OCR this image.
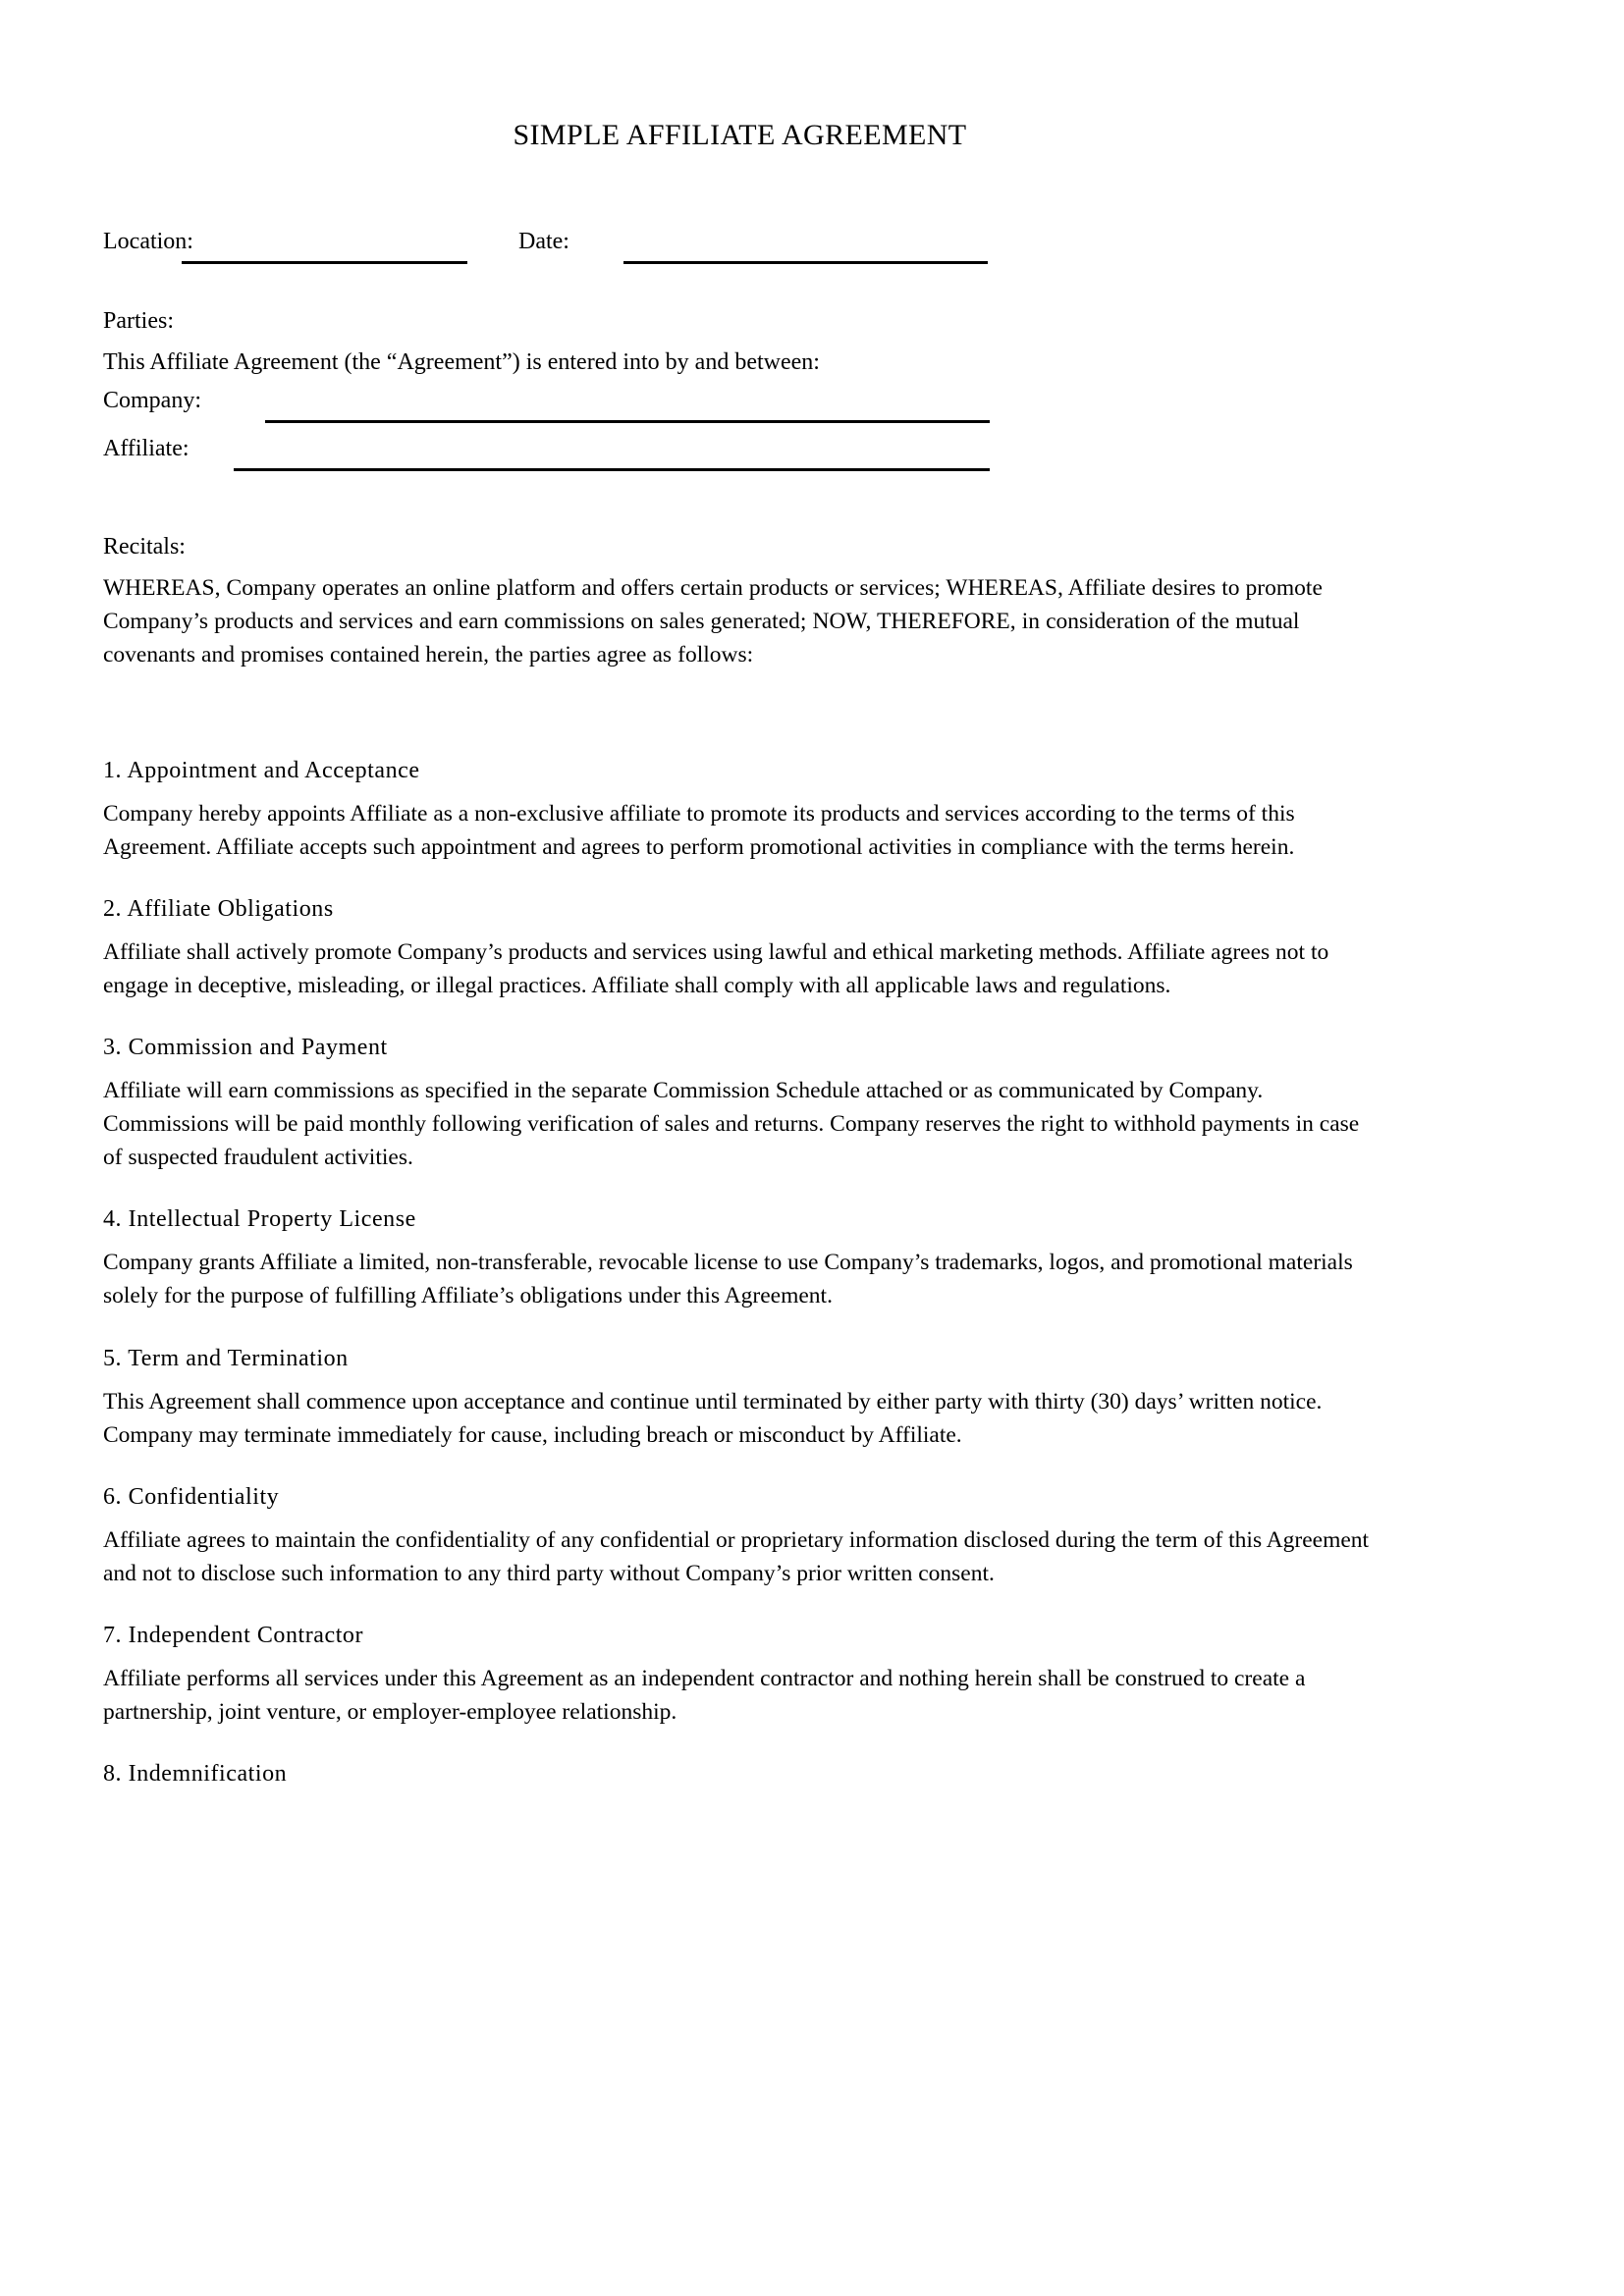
SIMPLE AFFILIATE AGREEMENT
Location:	Date:

Parties:

This Affiliate Agreement (the “Agreement”) is entered into by and between:

Company:
Affiliate:

Recitals:

WHEREAS, Company operates an online platform and offers certain products or services; WHEREAS, Affiliate desires to promote Company’s products and services and earn commissions on sales generated; NOW, THEREFORE, in consideration of the mutual covenants and promises contained herein, the parties agree as follows:

1. Appointment and Acceptance

Company hereby appoints Affiliate as a non-exclusive affiliate to promote its products and services according to the terms of this Agreement. Affiliate accepts such appointment and agrees to perform promotional activities in compliance with the terms herein.

2. Affiliate Obligations

Affiliate shall actively promote Company’s products and services using lawful and ethical marketing methods. Affiliate agrees not to engage in deceptive, misleading, or illegal practices. Affiliate shall comply with all applicable laws and regulations.

3. Commission and Payment

Affiliate will earn commissions as specified in the separate Commission Schedule attached or as communicated by Company. Commissions will be paid monthly following verification of sales and returns. Company reserves the right to withhold payments in case of suspected fraudulent activities.

4. Intellectual Property License

Company grants Affiliate a limited, non-transferable, revocable license to use Company’s trademarks, logos, and promotional materials solely for the purpose of fulfilling Affiliate’s obligations under this Agreement.

5. Term and Termination

This Agreement shall commence upon acceptance and continue until terminated by either party with thirty (30) days’ written notice. Company may terminate immediately for cause, including breach or misconduct by Affiliate.

6. Confidentiality

Affiliate agrees to maintain the confidentiality of any confidential or proprietary information disclosed during the term of this Agreement and not to disclose such information to any third party without Company’s prior written consent.

7. Independent Contractor

Affiliate performs all services under this Agreement as an independent contractor and nothing herein shall be construed to create a partnership, joint venture, or employer-employee relationship.

8. Indemnification
